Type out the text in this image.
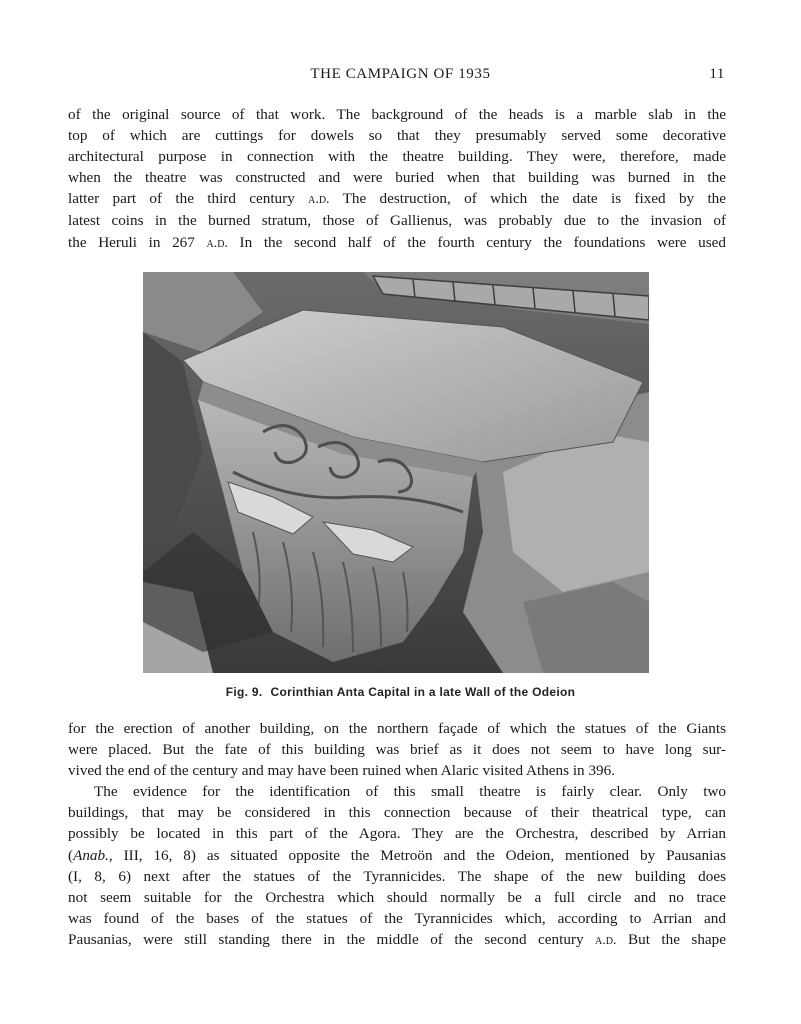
THE CAMPAIGN OF 1935	11

of the original source of that work. The background of the heads is a marble slab in the
top of which are cuttings for dowels so that they presumably served some decorative
architectural purpose in connection with the theatre building. They were, therefore, made
when the theatre was constructed and were buried when that building was burned in the
latter part of the third century a.d. The destruction, of which the date is fixed by the
latest coins in the burned stratum, those of Gallienus, was probably due to the invasion of
the Heruli in 267 a.d. In the second half of the fourth century the foundations were used

Fig. 9. Corinthian Anta Capital in a late Wall of the Odeion

for the erection of another building, on the northern façade of which the statues of the Giants
were placed. But the fate of this building was brief as it does not seem to have long sur-
vived the end of the century and may have been ruined when Alaric visited Athens in 396.
The evidence for the identification of this small theatre is fairly clear. Only two
buildings, that may be considered in this connection because of their theatrical type, can
possibly be located in this part of the Agora. They are the Orchestra, described by Arrian
(Anab., III, 16, 8) as situated opposite the Metroön and the Odeion, mentioned by Pausanias
(I, 8, 6) next after the statues of the Tyrannicides. The shape of the new building does
not seem suitable for the Orchestra which should normally be a full circle and no trace
was found of the bases of the statues of the Tyrannicides which, according to Arrian and
Pausanias, were still standing there in the middle of the second century a.d. But the shape
